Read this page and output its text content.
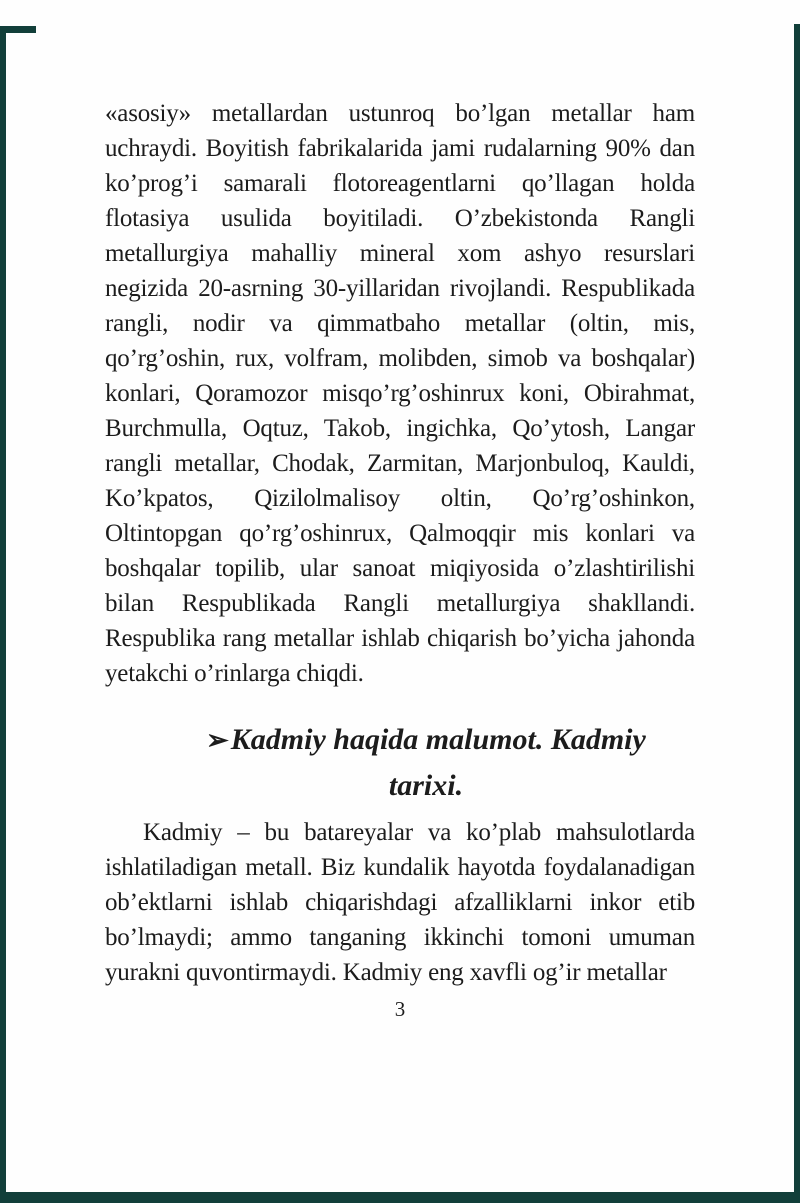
«asosiy» metallardan ustunroq bo’lgan metallar ham uchraydi. Boyitish fabrikalarida jami rudalarning 90% dan ko’prog’i samarali flotoreagentlarni qo’llagan holda flotasiya usulida boyitiladi. O’zbekistonda Rangli metallurgiya mahalliy mineral xom ashyo resurslari negizida 20-asrning 30-yillaridan rivojlandi. Respublikada rangli, nodir va qimmatbaho metallar (oltin, mis, qo’rg’oshin, rux, volfram, molibden, simob va boshqalar) konlari, Qoramozor misqo’rg’oshinrux koni, Obirahmat, Burchmulla, Oqtuz, Takob, ingichka, Qo’ytosh, Langar rangli metallar, Chodak, Zarmitan, Marjonbuloq, Kauldi, Ko’kpatos, Qizilolmalisoy oltin, Qo’rg’oshinkon, Oltintopgan qo’rg’oshinrux, Qalmoqqir mis konlari va boshqalar topilib, ular sanoat miqiyosida o’zlashtirilishi bilan Respublikada Rangli metallurgiya shakllandi. Respublika rang metallar ishlab chiqarish bo’yicha jahonda yetakchi o’rinlarga chiqdi.

➢Kadmiy haqida malumot. Kadmiy
tarixi.

Kadmiy – bu batareyalar va ko’plab mahsulotlarda ishlatiladigan metall. Biz kundalik hayotda foydalanadigan ob’ektlarni ishlab chiqarishdagi afzalliklarni inkor etib bo’lmaydi; ammo tanganing ikkinchi tomoni umuman yurakni quvontirmaydi. Kadmiy eng xavfli og’ir metallar

3
